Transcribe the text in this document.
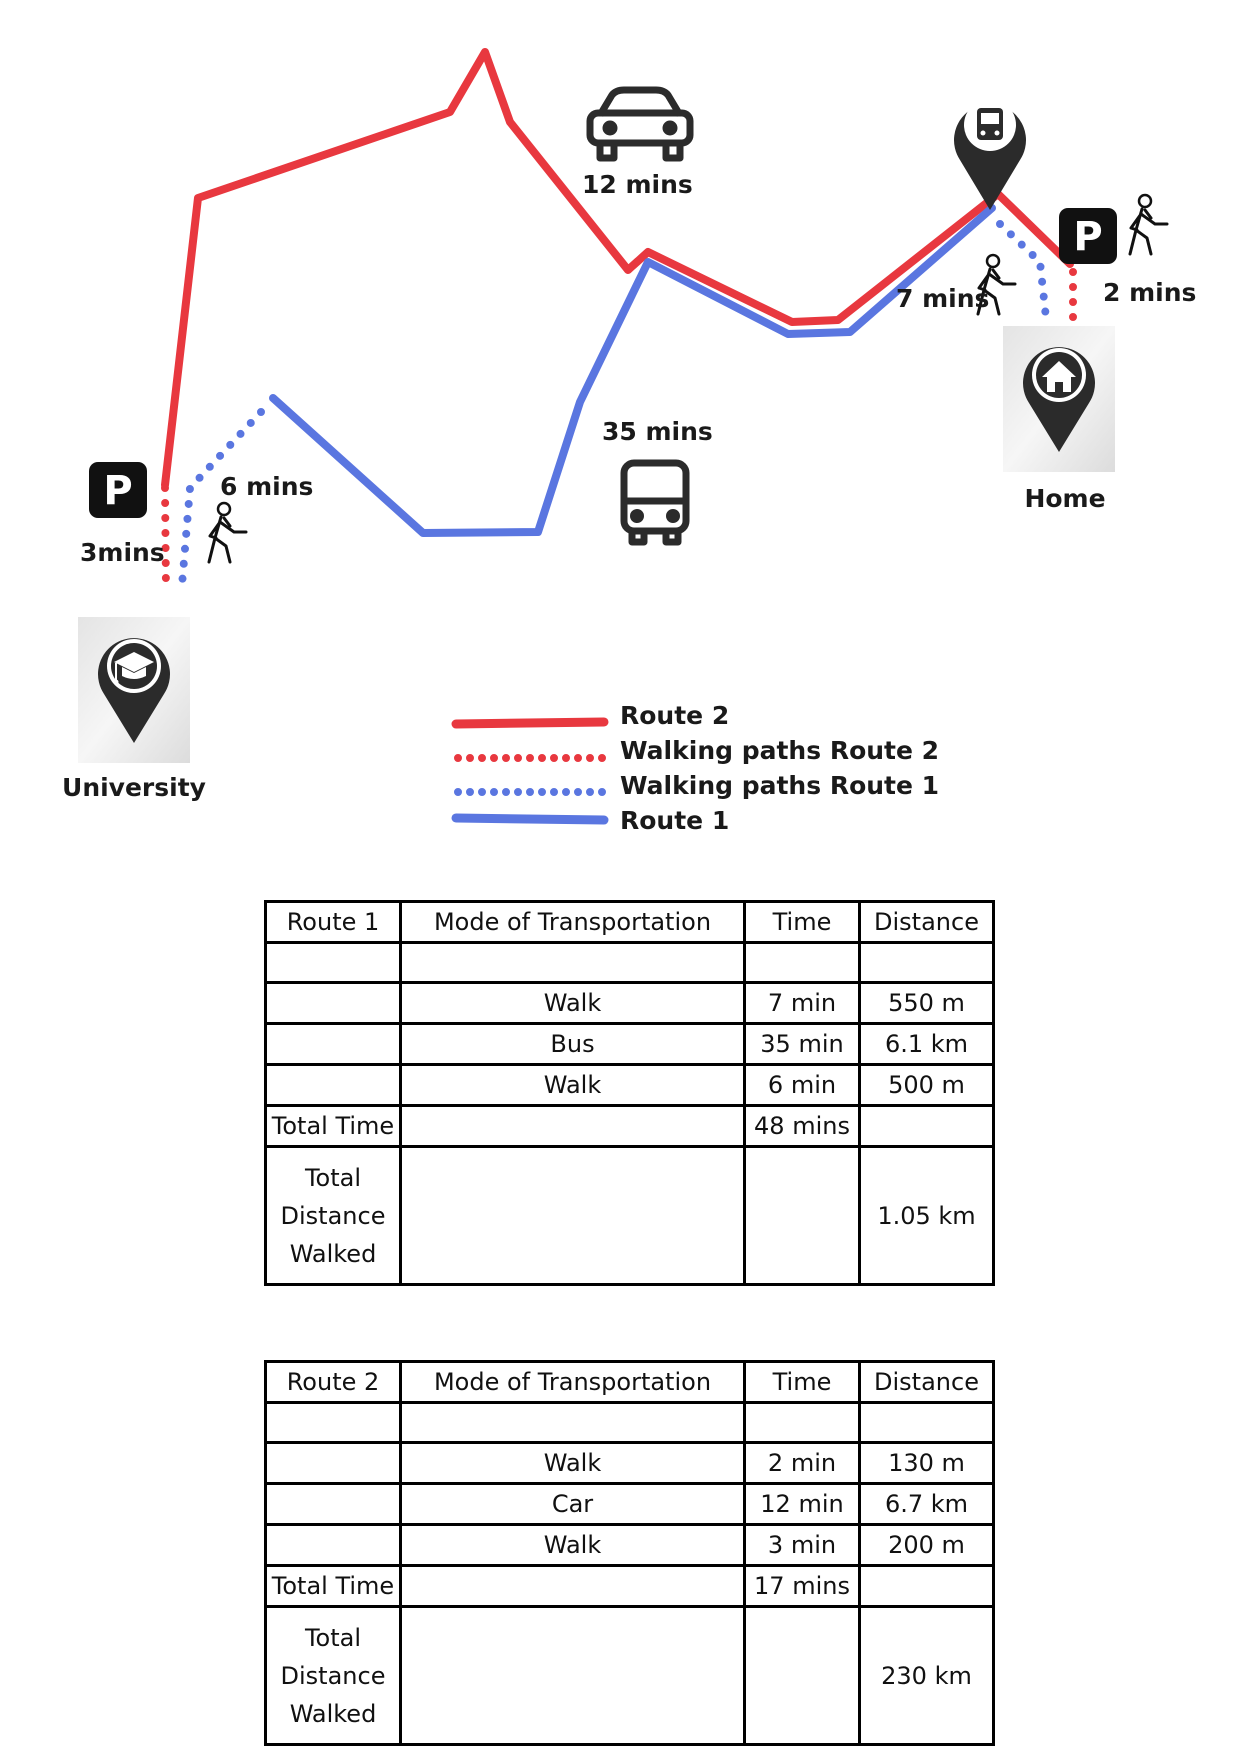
University
Home
P
P
3mins
6 mins
35 mins
12 mins
7 mins	2 mins
Route 2
Walking paths Route 2
Walking paths Route 1
Route 1
Route 1	Mode of Transportation	Time	Distance

	Walk	7 min	550 m
	Bus	35 min	6.1 km
	Walk	6 min	500 m
Total Time		48 mins	

Total
Distance
Walked			1.05 km
Route 2	Mode of Transportation	Time	Distance

	Walk	2 min	130 m
	Car	12 min	6.7 km
	Walk	3 min	200 m
Total Time		17 mins	

Total
Distance
Walked			230 km
